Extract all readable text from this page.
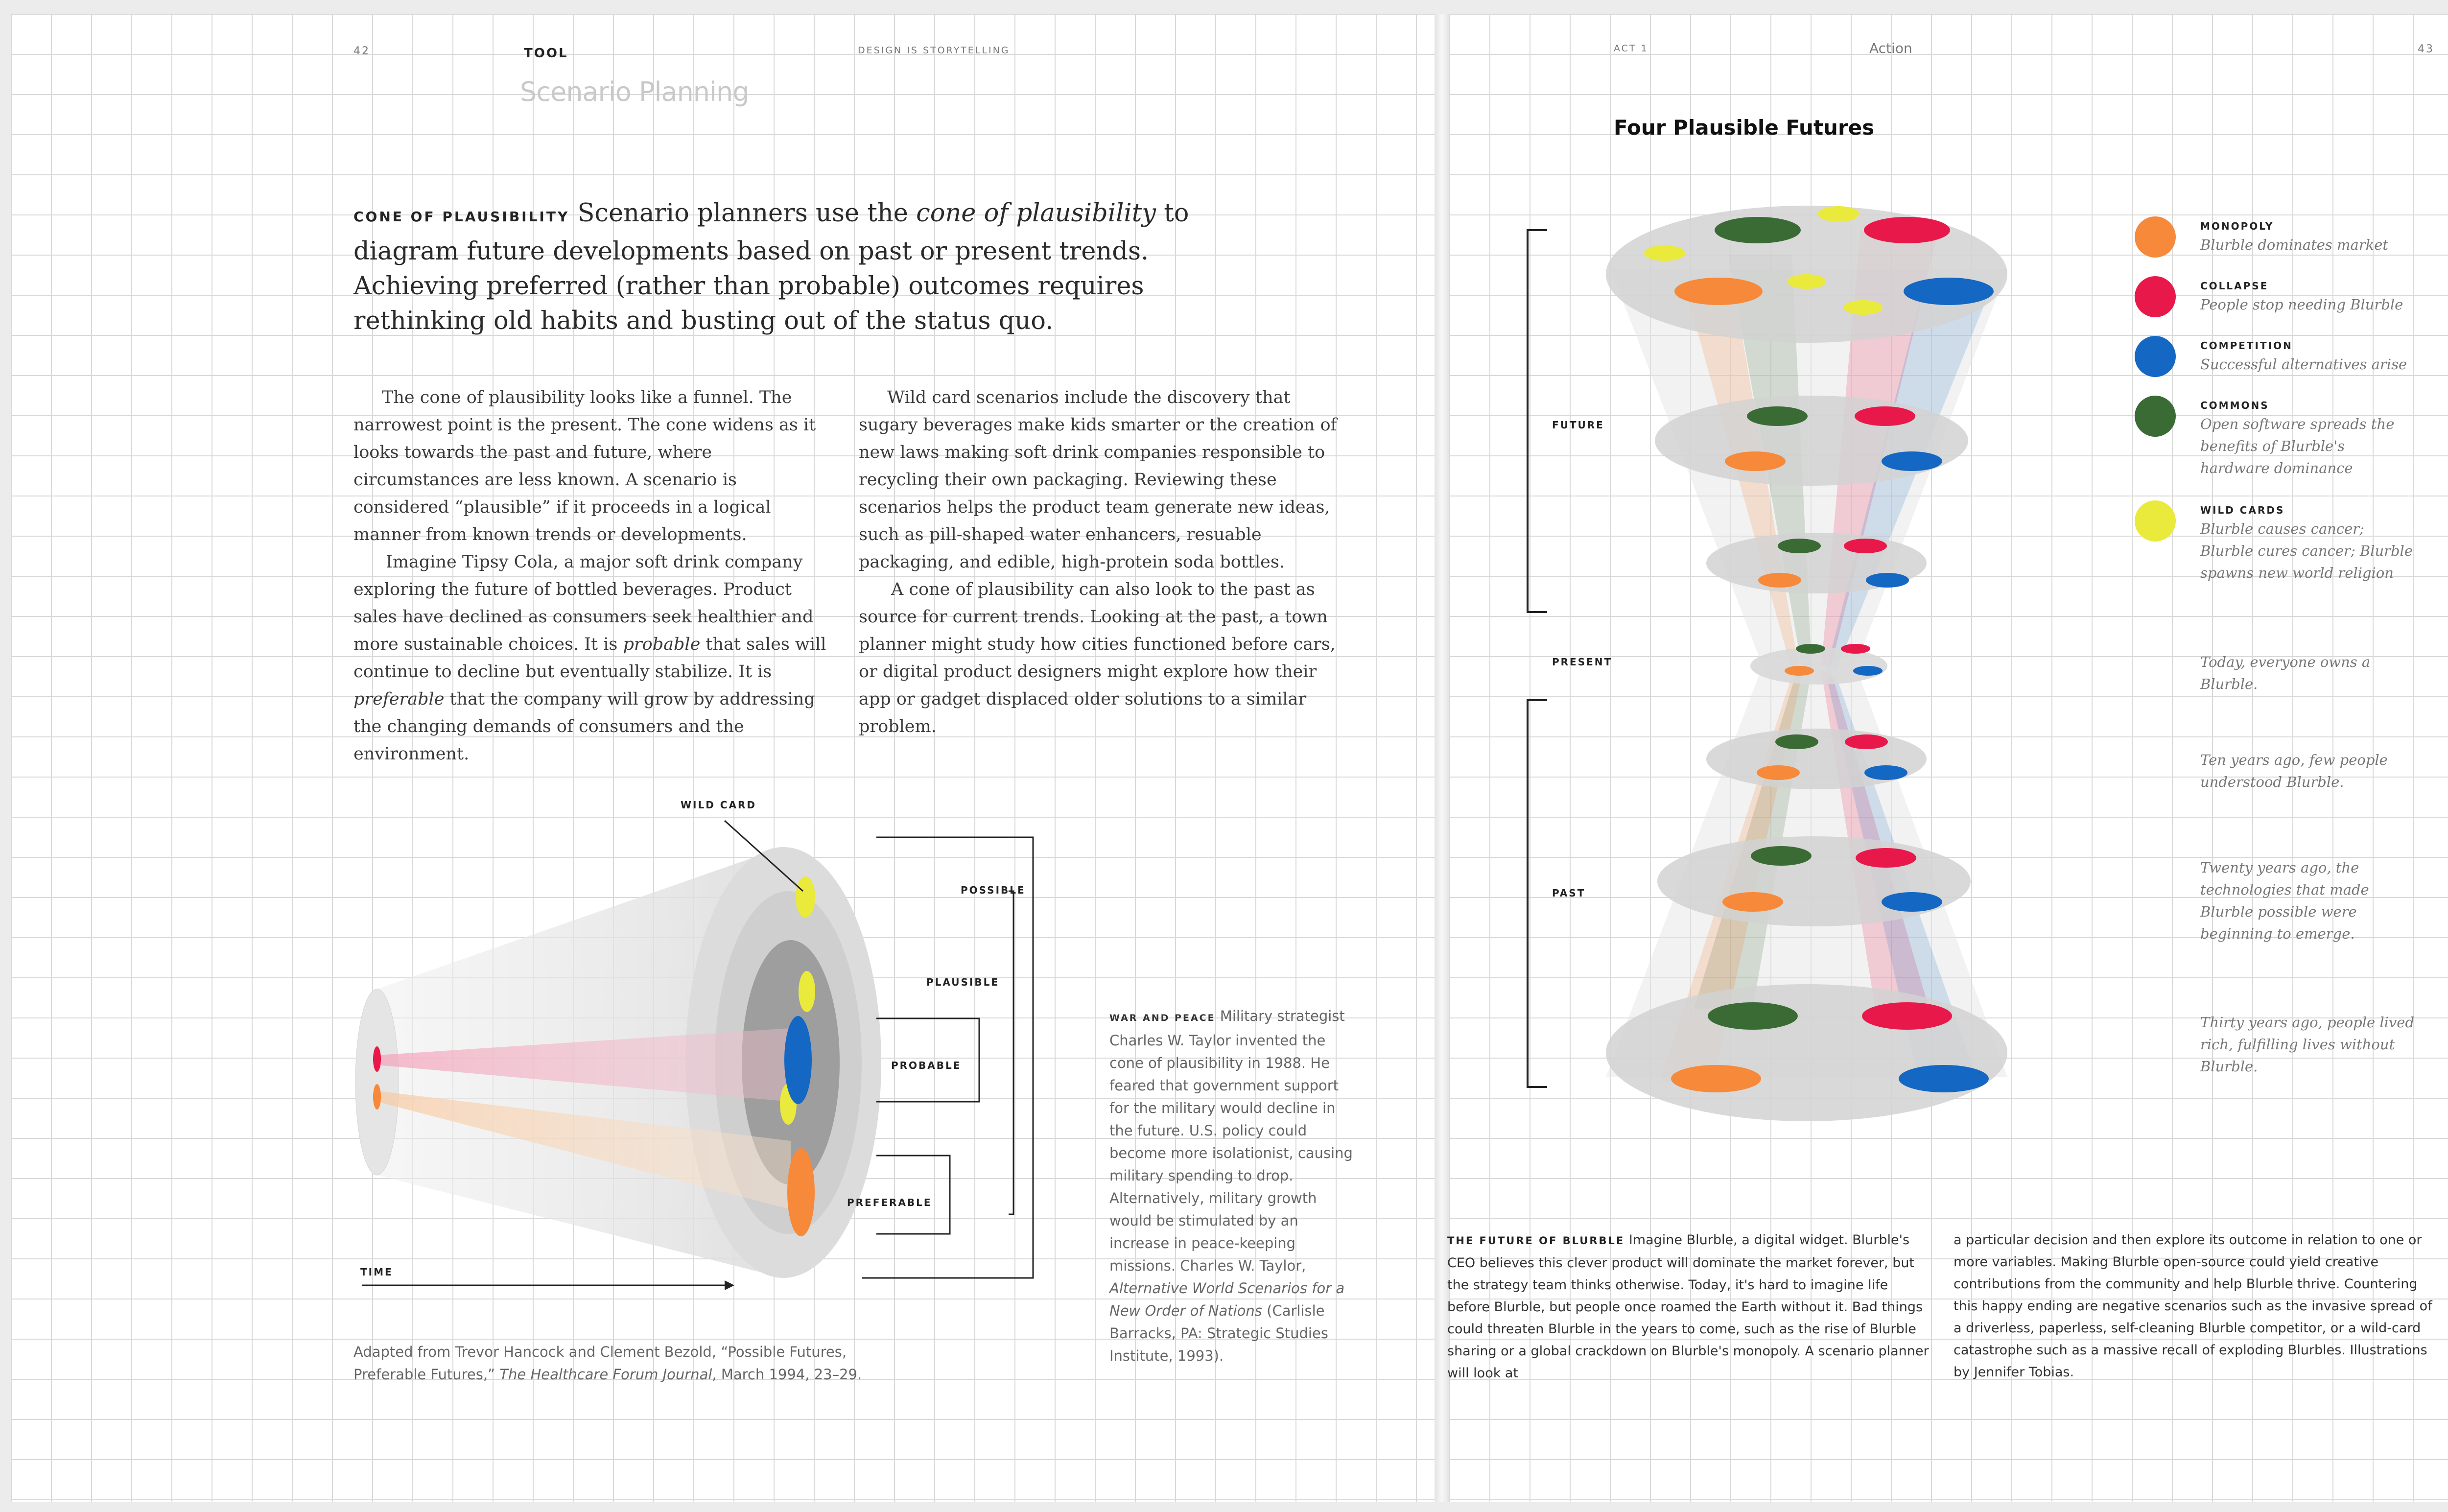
42	TOOL
Scenario Planning
DESIGN IS STORYTELLING
CONE OF PLAUSIBILITY Scenario planners use the cone of plausibility to diagram future developments based on past or present trends. Achieving preferred (rather than probable) outcomes requires rethinking old habits and busting out of the status quo.

The cone of plausibility looks like a funnel. The narrowest point is the present. The cone widens as it looks towards the past and future, where circumstances are less known. A scenario is considered “plausible” if it proceeds in a logical manner from known trends or developments.

Imagine Tipsy Cola, a major soft drink company exploring the future of bottled beverages. Product sales have declined as consumers seek healthier and more sustainable choices. It is probable that sales will continue to decline but eventually stabilize. It is preferable that the company will grow by addressing the changing demands of consumers and the environment.

Wild card scenarios include the discovery that sugary beverages make kids smarter or the creation of new laws making soft drink companies responsible to recycling their own packaging. Reviewing these scenarios helps the product team generate new ideas, such as pill-shaped water enhancers, resuable packaging, and edible, high-protein soda bottles.

A cone of plausibility can also look to the past as source for current trends. Looking at the past, a town planner might study how cities functioned before cars, or digital product designers might explore how their app or gadget displaced older solutions to a similar problem.

WILD CARD
POSSIBLE
PLAUSIBLE
PROBABLE
PREFERABLE
TIME
WAR AND PEACE Military strategist Charles W. Taylor invented the cone of plausibility in 1988. He feared that government support for the military would decline in the future. U.S. policy could become more isolationist, causing military spending to drop. Alternatively, military growth would be stimulated by an increase in peace-keeping missions. Charles W. Taylor, Alternative World Scenarios for a New Order of Nations (Carlisle Barracks, PA: Strategic Studies Institute, 1993).
Adapted from Trevor Hancock and Clement Bezold, “Possible Futures, Preferable Futures,” The Healthcare Forum Journal, March 1994, 23–29.
ACT 1	Action	43
Four Plausible Futures
FUTURE
PRESENT
PAST
MONOPOLY
Blurble dominates market
COLLAPSE
People stop needing Blurble
COMPETITION
Successful alternatives arise
COMMONS
Open software spreads the benefits of Blurble's hardware dominance
WILD CARDS
Blurble causes cancer; Blurble cures cancer; Blurble spawns new world religion
Today, everyone owns a Blurble.
Ten years ago, few people understood Blurble.
Twenty years ago, the technologies that made Blurble possible were beginning to emerge.
Thirty years ago, people lived rich, fulfilling lives without Blurble.
THE FUTURE OF BLURBLE Imagine Blurble, a digital widget. Blurble's CEO believes this clever product will dominate the market forever, but the strategy team thinks otherwise. Today, it's hard to imagine life before Blurble, but people once roamed the Earth without it. Bad things could threaten Blurble in the years to come, such as the rise of Blurble sharing or a global crackdown on Blurble's monopoly. A scenario planner will look at
a particular decision and then explore its outcome in relation to one or more variables. Making Blurble open-source could yield creative contributions from the community and help Blurble thrive. Countering this happy ending are negative scenarios such as the invasive spread of a driverless, paperless, self-cleaning Blurble competitor, or a wild-card catastrophe such as a massive recall of exploding Blurbles. Illustrations by Jennifer Tobias.
